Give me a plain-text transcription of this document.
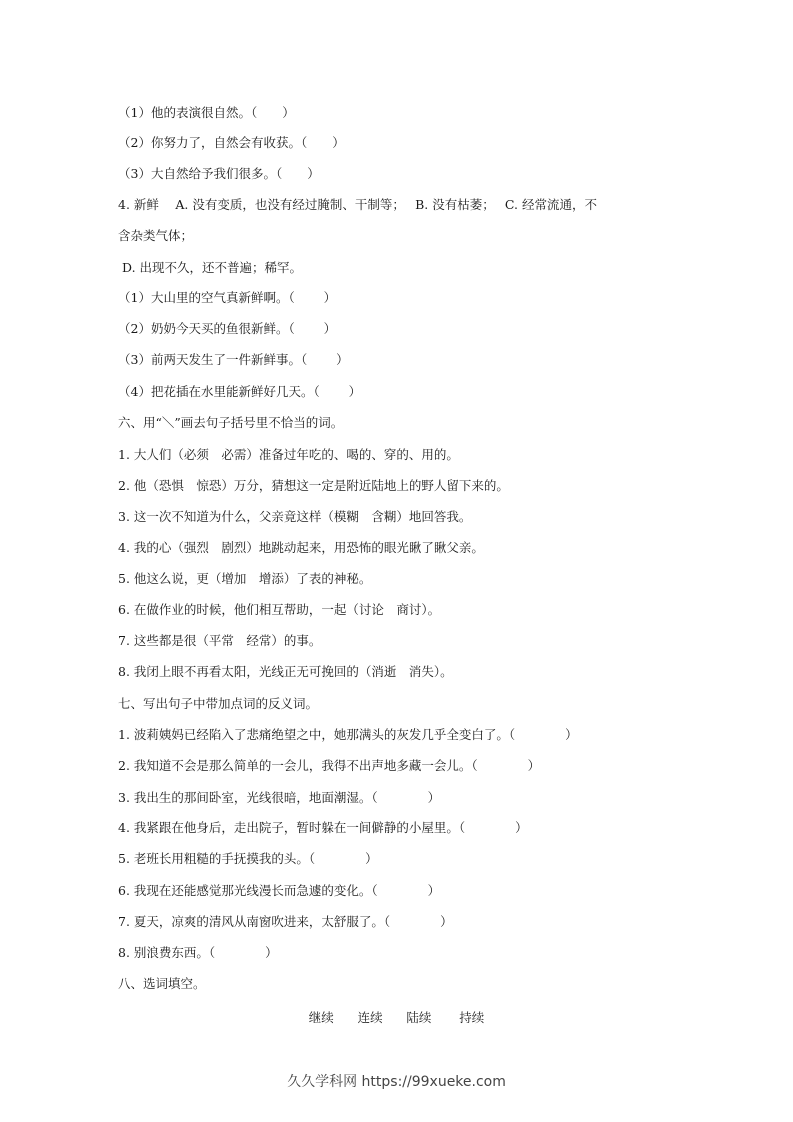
（1）他的表演很自然。（　　）
（2）你努力了，自然会有收获。（　　）
（3）大自然给予我们很多。（　　）
4. 新鲜　 A. 没有变质，也没有经过腌制、干制等；　 B. 没有枯萎；　 C. 经常流通，不
含杂类气体；
D. 出现不久，还不普遍；稀罕。
（1）大山里的空气真新鲜啊。（　　 ）
（2）奶奶今天买的鱼很新鲜。（　　 ）
（3）前两天发生了一件新鲜事。（　　 ）
（4）把花插在水里能新鲜好几天。（　　 ）
六、用“＼”画去句子括号里不恰当的词。
1. 大人们（必须　必需）准备过年吃的、喝的、穿的、用的。
2. 他（恐惧　惊恐）万分，猜想这一定是附近陆地上的野人留下来的。
3. 这一次不知道为什么，父亲竟这样（模糊　含糊）地回答我。
4. 我的心（强烈　剧烈）地跳动起来，用恐怖的眼光瞅了瞅父亲。
5. 他这么说，更（增加　增添）了表的神秘。
6. 在做作业的时候，他们相互帮助，一起（讨论　商讨）。
7. 这些都是很（平常　经常）的事。
8. 我闭上眼不再看太阳，光线正无可挽回的（消逝　消失）。
七、写出句子中带加点词的反义词。
1. 波莉姨妈已经陷入了悲痛绝望之中，她那满头的灰发几乎全变白了。（　　　　）
2. 我知道不会是那么简单的一会儿，我得不出声地多藏一会儿。（　　　　）
3. 我出生的那间卧室，光线很暗，地面潮湿。（　　　　）
4. 我紧跟在他身后，走出院子，暂时躲在一间僻静的小屋里。（　　　　）
5. 老班长用粗糙的手抚摸我的头。（　　　　）
6. 我现在还能感觉那光线漫长而急遽的变化。（　　　　）
7. 夏天，凉爽的清风从南窗吹进来，太舒服了。（　　　　）
8. 别浪费东西。（　　　　）
八、选词填空。
继续 连续 陆续 持续
久久学科网 https://99xueke.com
